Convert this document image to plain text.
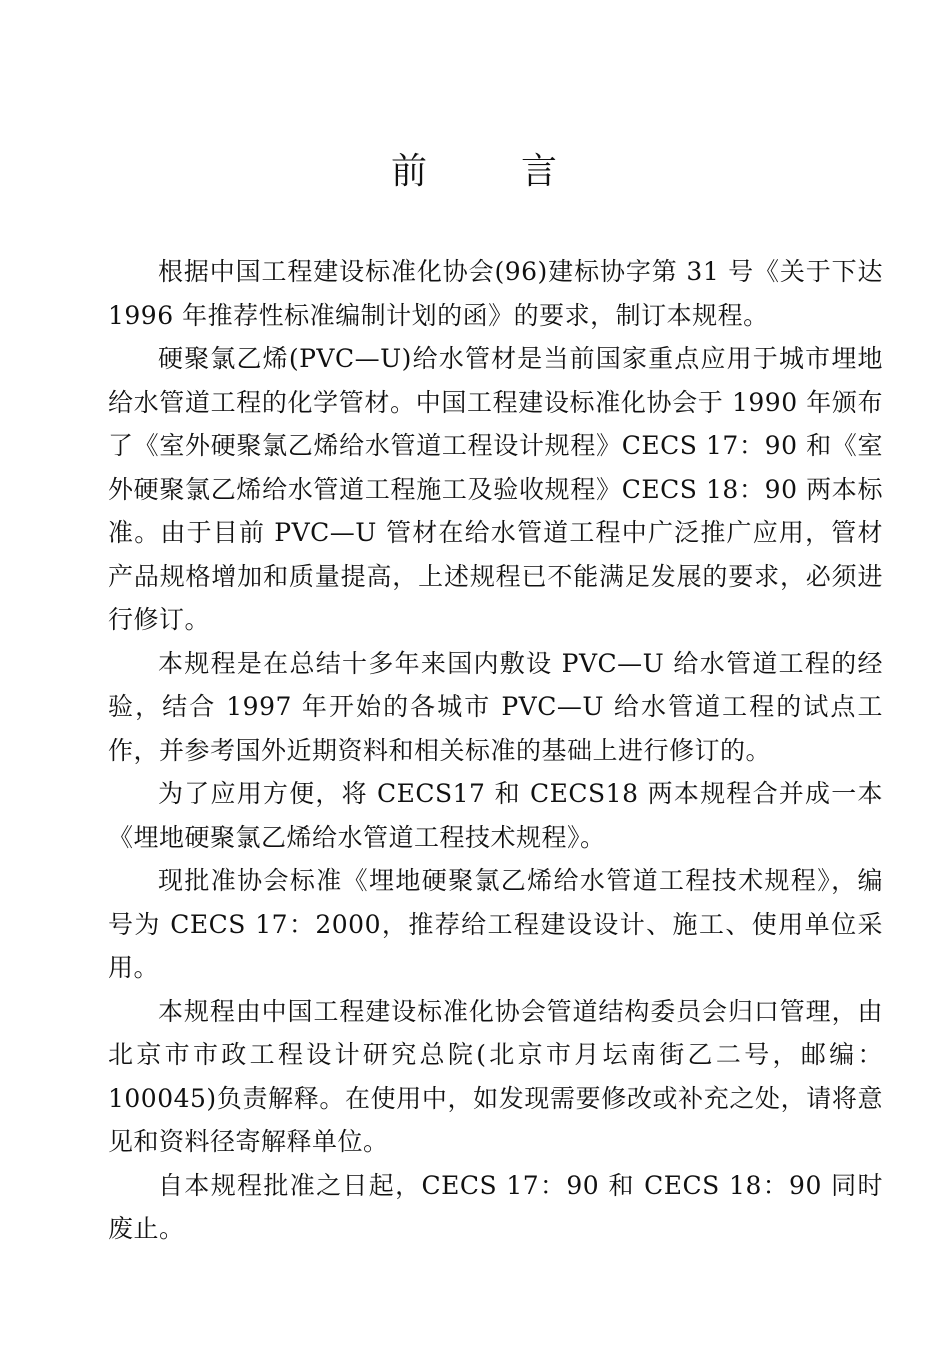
前	言

根据中国工程建设标准化协会(96)建标协字第 31 号《关于下达 1996 年推荐性标准编制计划的函》的要求，制订本规程。

硬聚氯乙烯(PVC—U)给水管材是当前国家重点应用于城市埋地给水管道工程的化学管材。中国工程建设标准化协会于 1990 年颁布了《室外硬聚氯乙烯给水管道工程设计规程》CECS 17：90 和《室外硬聚氯乙烯给水管道工程施工及验收规程》CECS 18：90 两本标准。由于目前 PVC—U 管材在给水管道工程中广泛推广应用，管材产品规格增加和质量提高，上述规程已不能满足发展的要求，必须进行修订。

本规程是在总结十多年来国内敷设 PVC—U 给水管道工程的经验，结合 1997 年开始的各城市 PVC—U 给水管道工程的试点工作，并参考国外近期资料和相关标准的基础上进行修订的。

为了应用方便，将 CECS17 和 CECS18 两本规程合并成一本《埋地硬聚氯乙烯给水管道工程技术规程》。

现批准协会标准《埋地硬聚氯乙烯给水管道工程技术规程》，编号为 CECS 17：2000，推荐给工程建设设计、施工、使用单位采用。

本规程由中国工程建设标准化协会管道结构委员会归口管理，由北京市市政工程设计研究总院(北京市月坛南街乙二号，邮编：100045)负责解释。在使用中，如发现需要修改或补充之处，请将意见和资料径寄解释单位。

自本规程批准之日起，CECS 17：90 和 CECS 18：90 同时废止。
